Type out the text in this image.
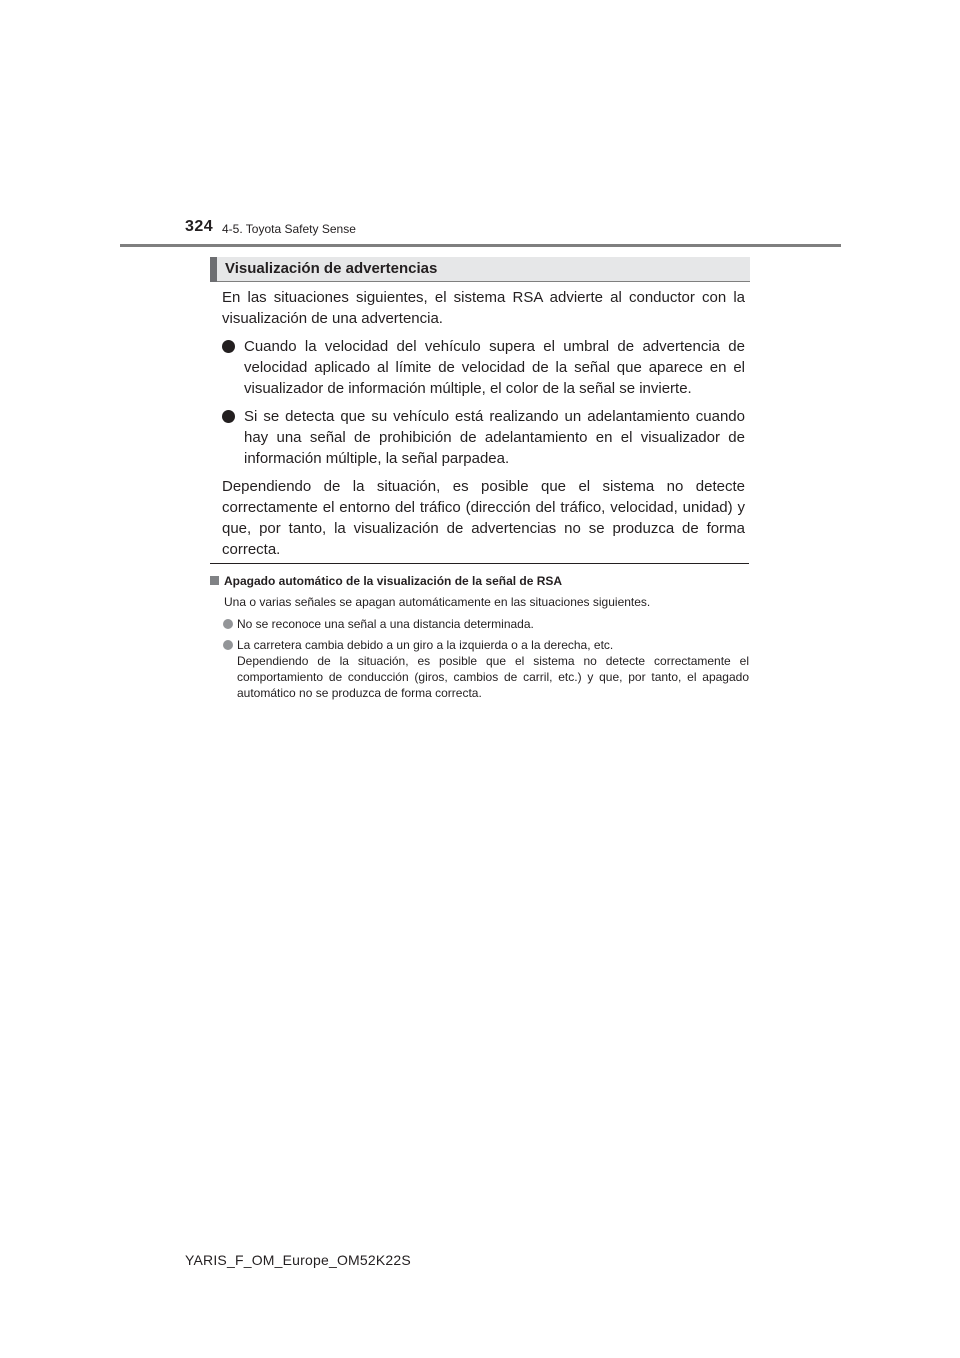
324 4-5. Toyota Safety Sense
Visualización de advertencias

En las situaciones siguientes, el sistema RSA advierte al conductor con la visualización de una advertencia.

Cuando la velocidad del vehículo supera el umbral de advertencia de velocidad aplicado al límite de velocidad de la señal que aparece en el visualizador de información múltiple, el color de la señal se invierte.
Si se detecta que su vehículo está realizando un adelantamiento cuando hay una señal de prohibición de adelantamiento en el visualizador de información múltiple, la señal parpadea.

Dependiendo de la situación, es posible que el sistema no detecte correctamente el entorno del tráfico (dirección del tráfico, velocidad, unidad) y que, por tanto, la visualización de advertencias no se produzca de forma correcta.

Apagado automático de la visualización de la señal de RSA
Una o varias señales se apagan automáticamente en las situaciones siguientes.
No se reconoce una señal a una distancia determinada.
La carretera cambia debido a un giro a la izquierda o a la derecha, etc.
Dependiendo de la situación, es posible que el sistema no detecte correctamente el comportamiento de conducción (giros, cambios de carril, etc.) y que, por tanto, el apagado automático no se produzca de forma correcta.
YARIS_F_OM_Europe_OM52K22S
